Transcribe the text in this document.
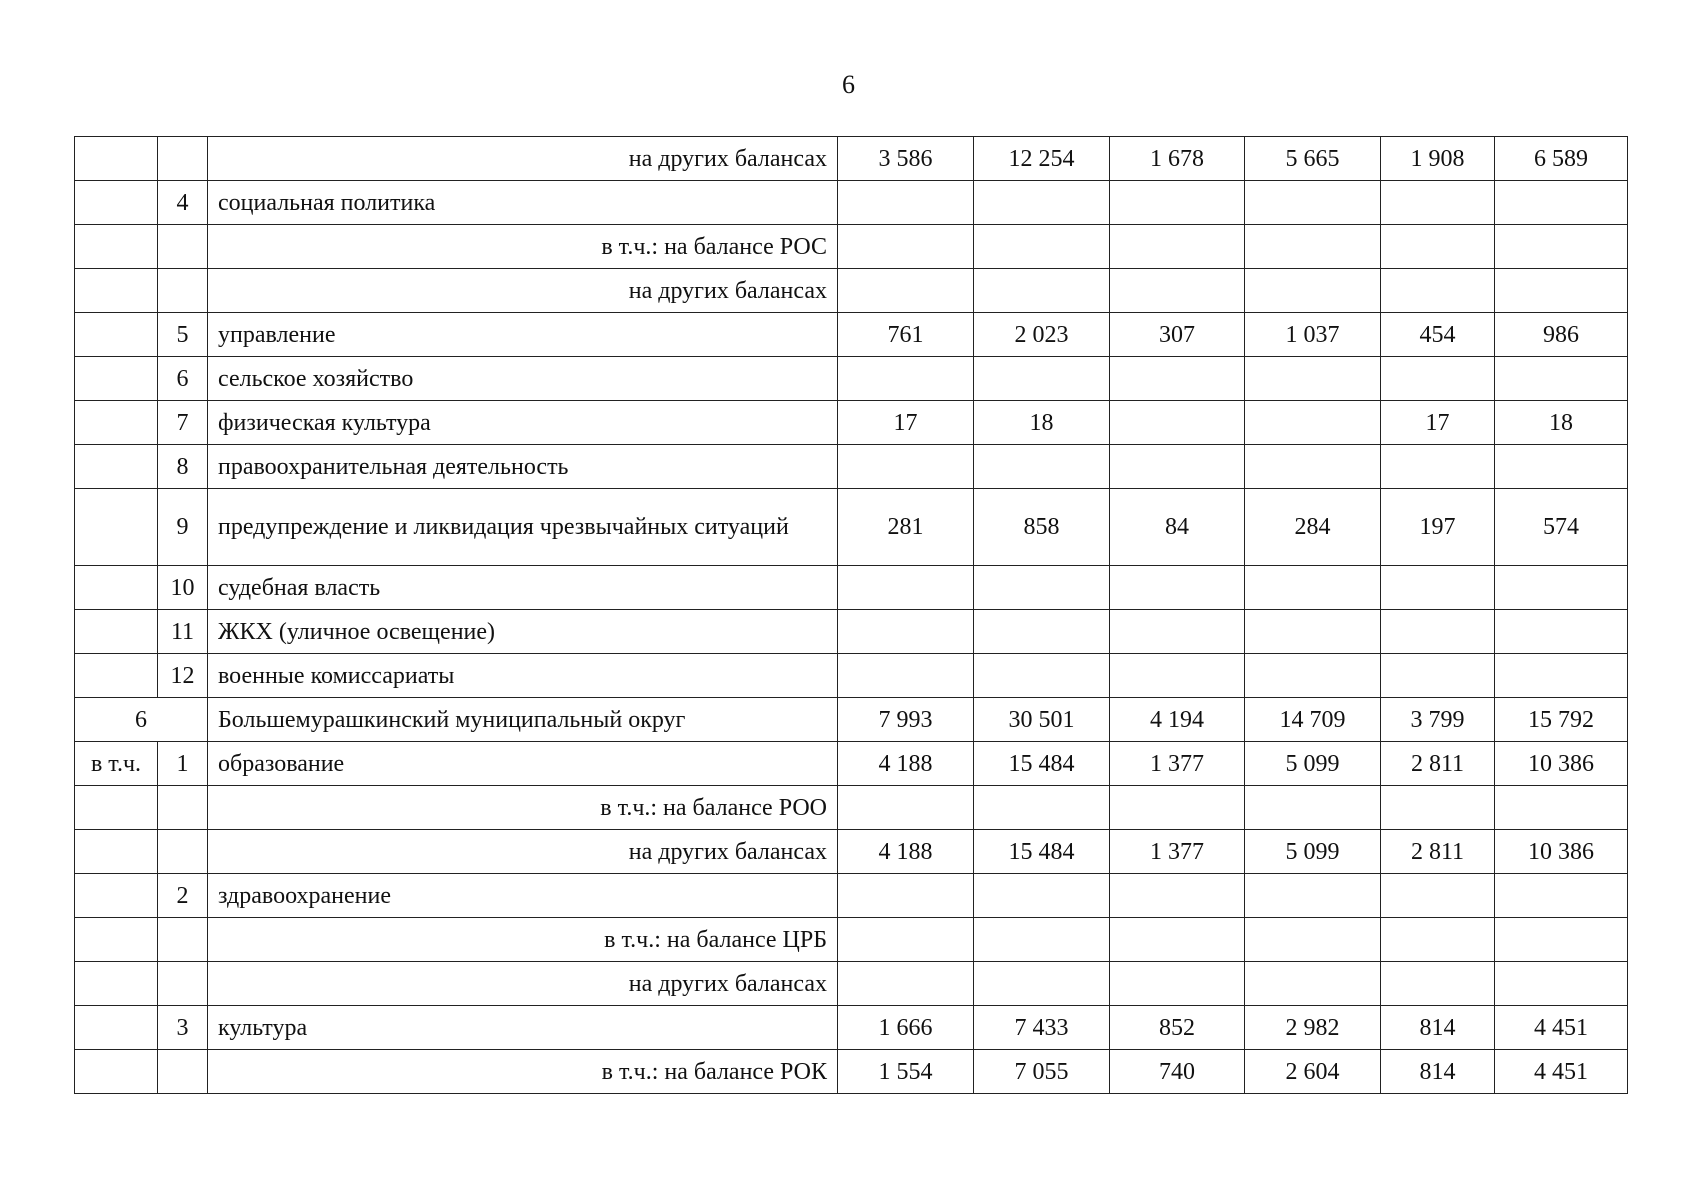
6
		на других балансах	3 586	12 254	1 678	5 665	1 908	6 589
	4	социальная политика						
		в т.ч.: на балансе РОС						
		на других балансах						
	5	управление	761	2 023	307	1 037	454	986
	6	сельское хозяйство						
	7	физическая культура	17	18			17	18
	8	правоохранительная деятельность						
	9	предупреждение и ликвидация чрезвычайных ситуаций	281	858	84	284	197	574
	10	судебная власть						
	11	ЖКХ (уличное освещение)						
	12	военные комиссариаты						
6		Большемурашкинский муниципальный округ	7 993	30 501	4 194	14 709	3 799	15 792
в т.ч.	1	образование	4 188	15 484	1 377	5 099	2 811	10 386
		в т.ч.: на балансе РОО						
		на других балансах	4 188	15 484	1 377	5 099	2 811	10 386
	2	здравоохранение						
		в т.ч.: на балансе ЦРБ						
		на других балансах						
	3	культура	1 666	7 433	852	2 982	814	4 451
		в т.ч.: на балансе РОК	1 554	7 055	740	2 604	814	4 451
